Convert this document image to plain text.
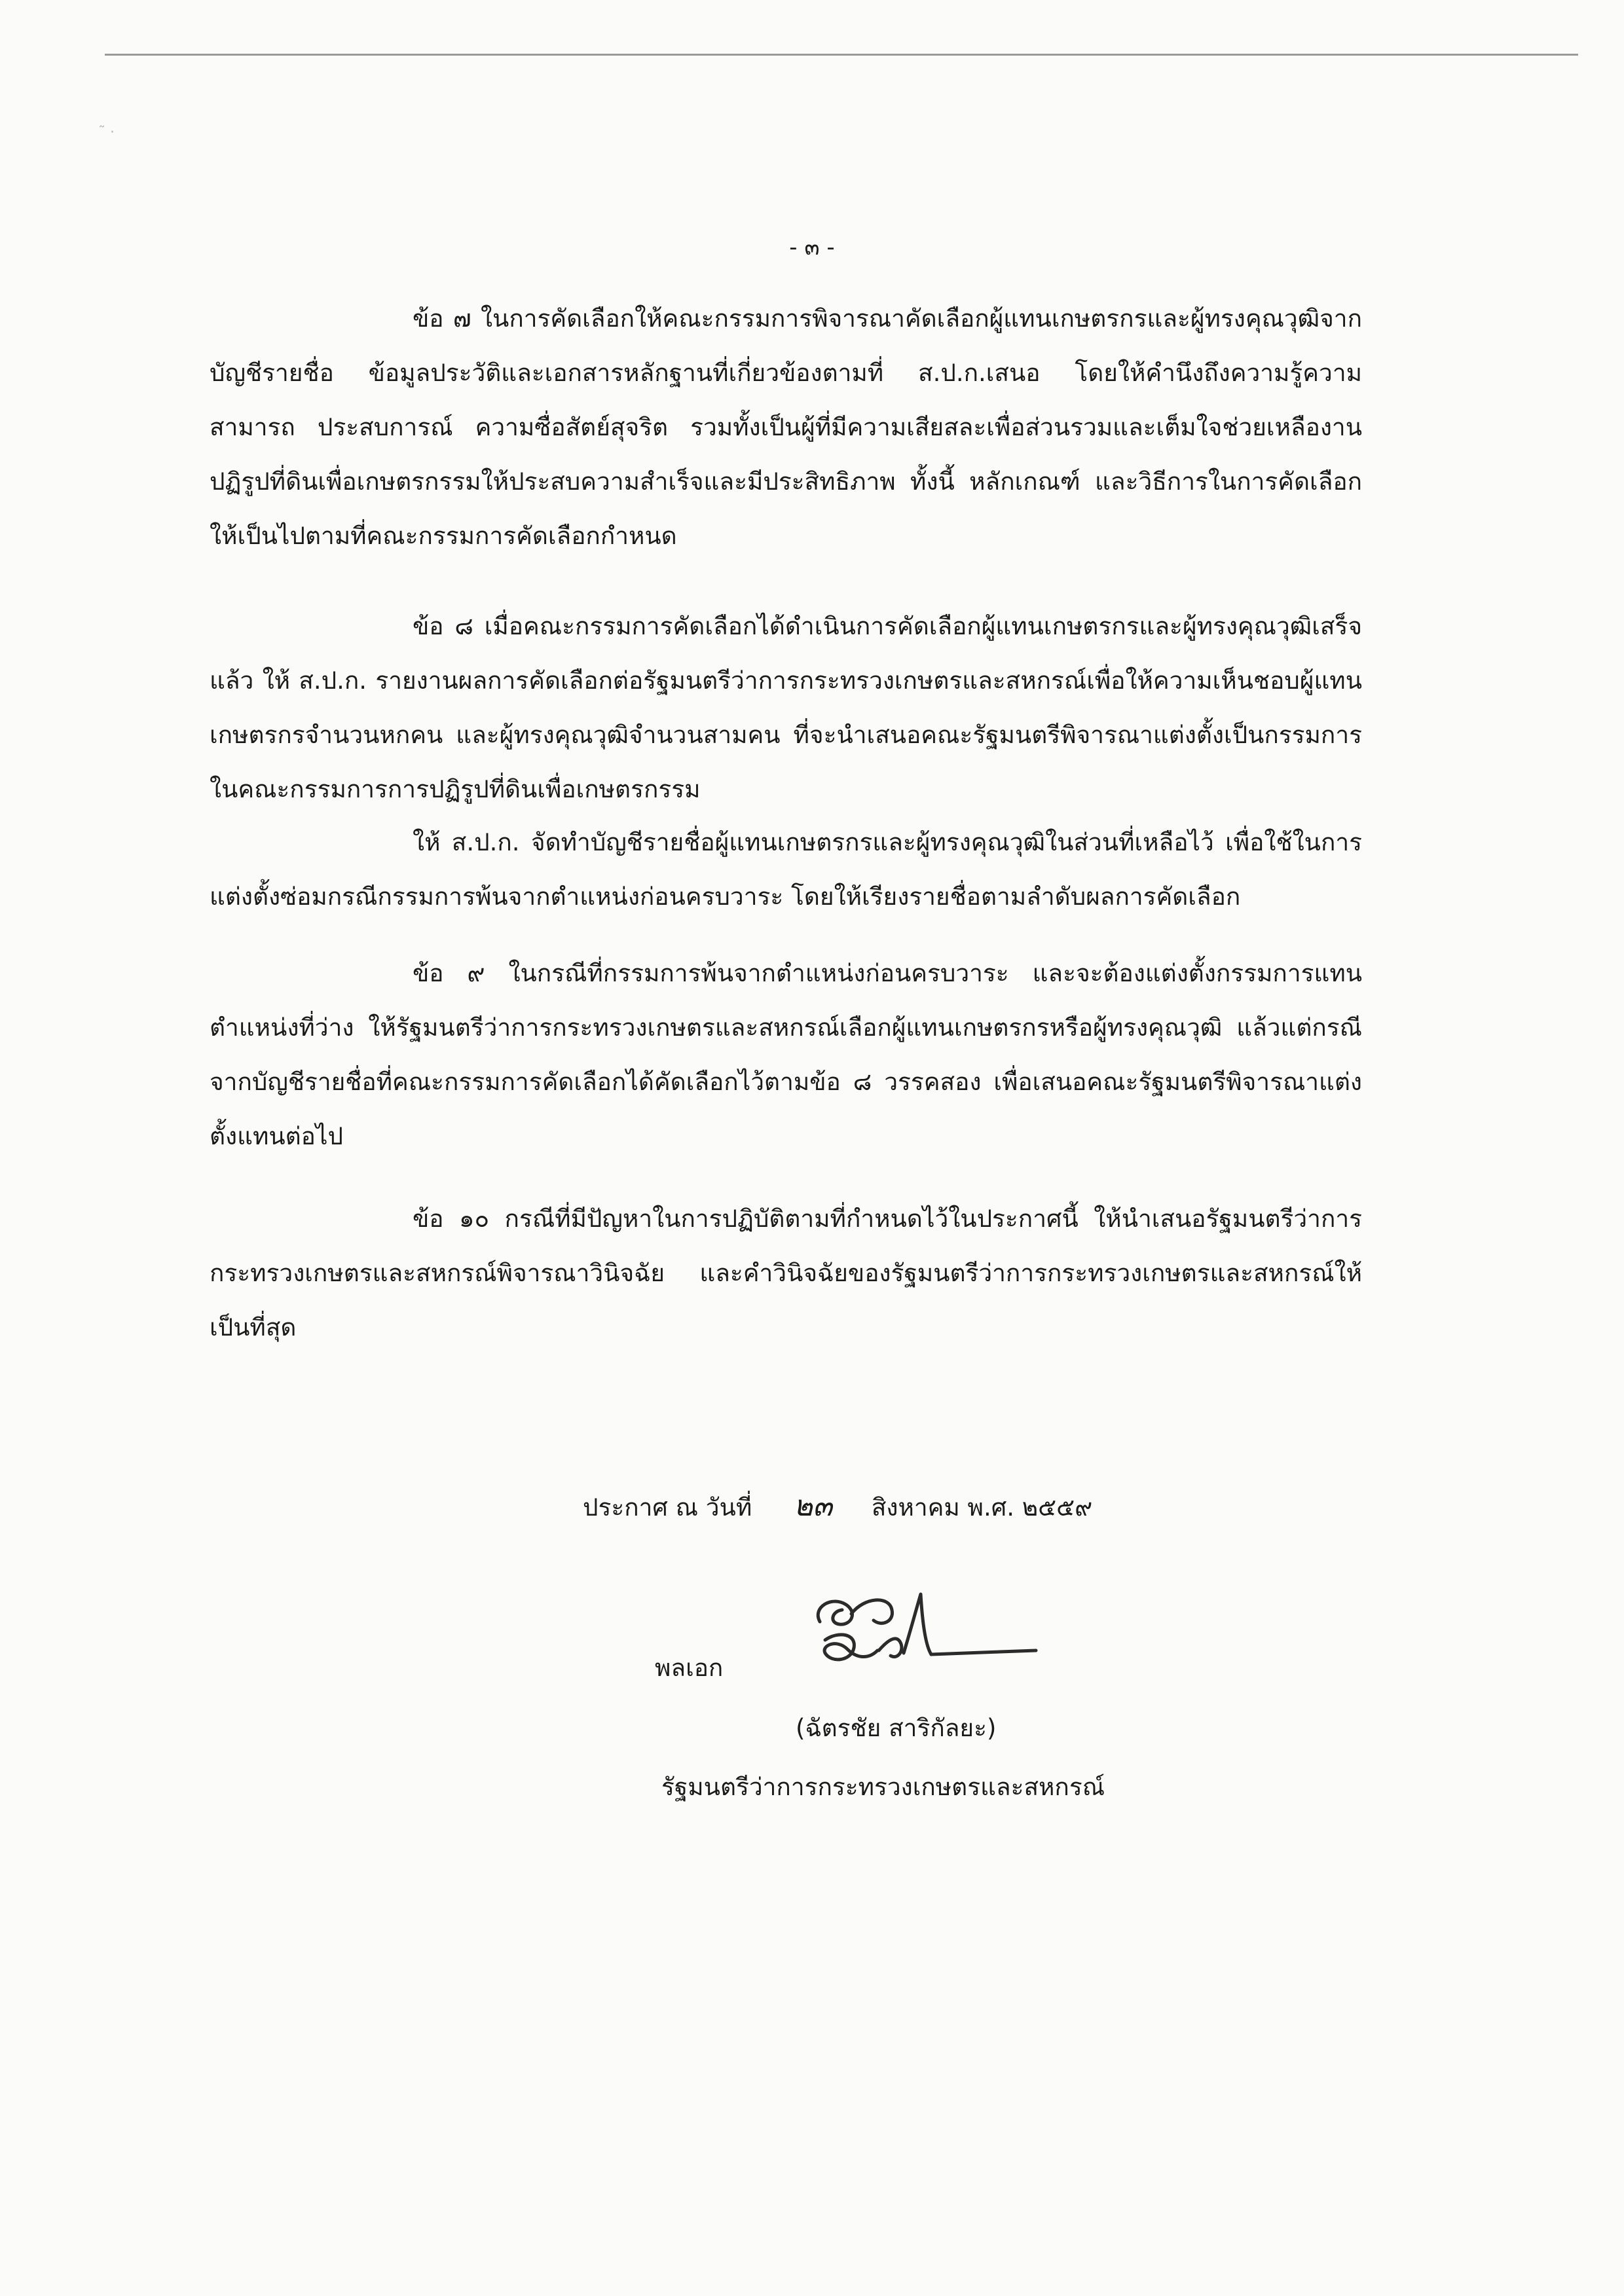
˜ ·
- ๓ -

ข้อ ๗ ในการคัดเลือกให้คณะกรรมการพิจารณาคัดเลือกผู้แทนเกษตรกรและผู้ทรงคุณวุฒิจากบัญชีรายชื่อ ข้อมูลประวัติและเอกสารหลักฐานที่เกี่ยวข้องตามที่ ส.ป.ก.เสนอ โดยให้คำนึงถึงความรู้ความสามารถ ประสบการณ์ ความซื่อสัตย์สุจริต รวมทั้งเป็นผู้ที่มีความเสียสละเพื่อส่วนรวมและเต็มใจช่วยเหลืองานปฏิรูปที่ดินเพื่อเกษตรกรรมให้ประสบความสำเร็จและมีประสิทธิภาพ ทั้งนี้ หลักเกณฑ์ และวิธีการในการคัดเลือกให้เป็นไปตามที่คณะกรรมการคัดเลือกกำหนด

ข้อ ๘ เมื่อคณะกรรมการคัดเลือกได้ดำเนินการคัดเลือกผู้แทนเกษตรกรและผู้ทรงคุณวุฒิเสร็จแล้ว ให้ ส.ป.ก. รายงานผลการคัดเลือกต่อรัฐมนตรีว่าการกระทรวงเกษตรและสหกรณ์เพื่อให้ความเห็นชอบผู้แทนเกษตรกรจำนวนหกคน และผู้ทรงคุณวุฒิจำนวนสามคน ที่จะนำเสนอคณะรัฐมนตรีพิจารณาแต่งตั้งเป็นกรรมการในคณะกรรมการการปฏิรูปที่ดินเพื่อเกษตรกรรม

ให้ ส.ป.ก. จัดทำบัญชีรายชื่อผู้แทนเกษตรกรและผู้ทรงคุณวุฒิในส่วนที่เหลือไว้ เพื่อใช้ในการแต่งตั้งซ่อมกรณีกรรมการพ้นจากตำแหน่งก่อนครบวาระ โดยให้เรียงรายชื่อตามลำดับผลการคัดเลือก

ข้อ ๙ ในกรณีที่กรรมการพ้นจากตำแหน่งก่อนครบวาระ และจะต้องแต่งตั้งกรรมการแทนตำแหน่งที่ว่าง ให้รัฐมนตรีว่าการกระทรวงเกษตรและสหกรณ์เลือกผู้แทนเกษตรกรหรือผู้ทรงคุณวุฒิ แล้วแต่กรณีจากบัญชีรายชื่อที่คณะกรรมการคัดเลือกได้คัดเลือกไว้ตามข้อ ๘ วรรคสอง เพื่อเสนอคณะรัฐมนตรีพิจารณาแต่งตั้งแทนต่อไป

ข้อ ๑๐ กรณีที่มีปัญหาในการปฏิบัติตามที่กำหนดไว้ในประกาศนี้ ให้นำเสนอรัฐมนตรีว่าการกระทรวงเกษตรและสหกรณ์พิจารณาวินิจฉัย และคำวินิจฉัยของรัฐมนตรีว่าการกระทรวงเกษตรและสหกรณ์ให้เป็นที่สุด

ประกาศ ณ วันที่ ๒๓ สิงหาคม พ.ศ. ๒๕๕๙
พลเอก
(ฉัตรชัย สาริกัลยะ)
รัฐมนตรีว่าการกระทรวงเกษตรและสหกรณ์
